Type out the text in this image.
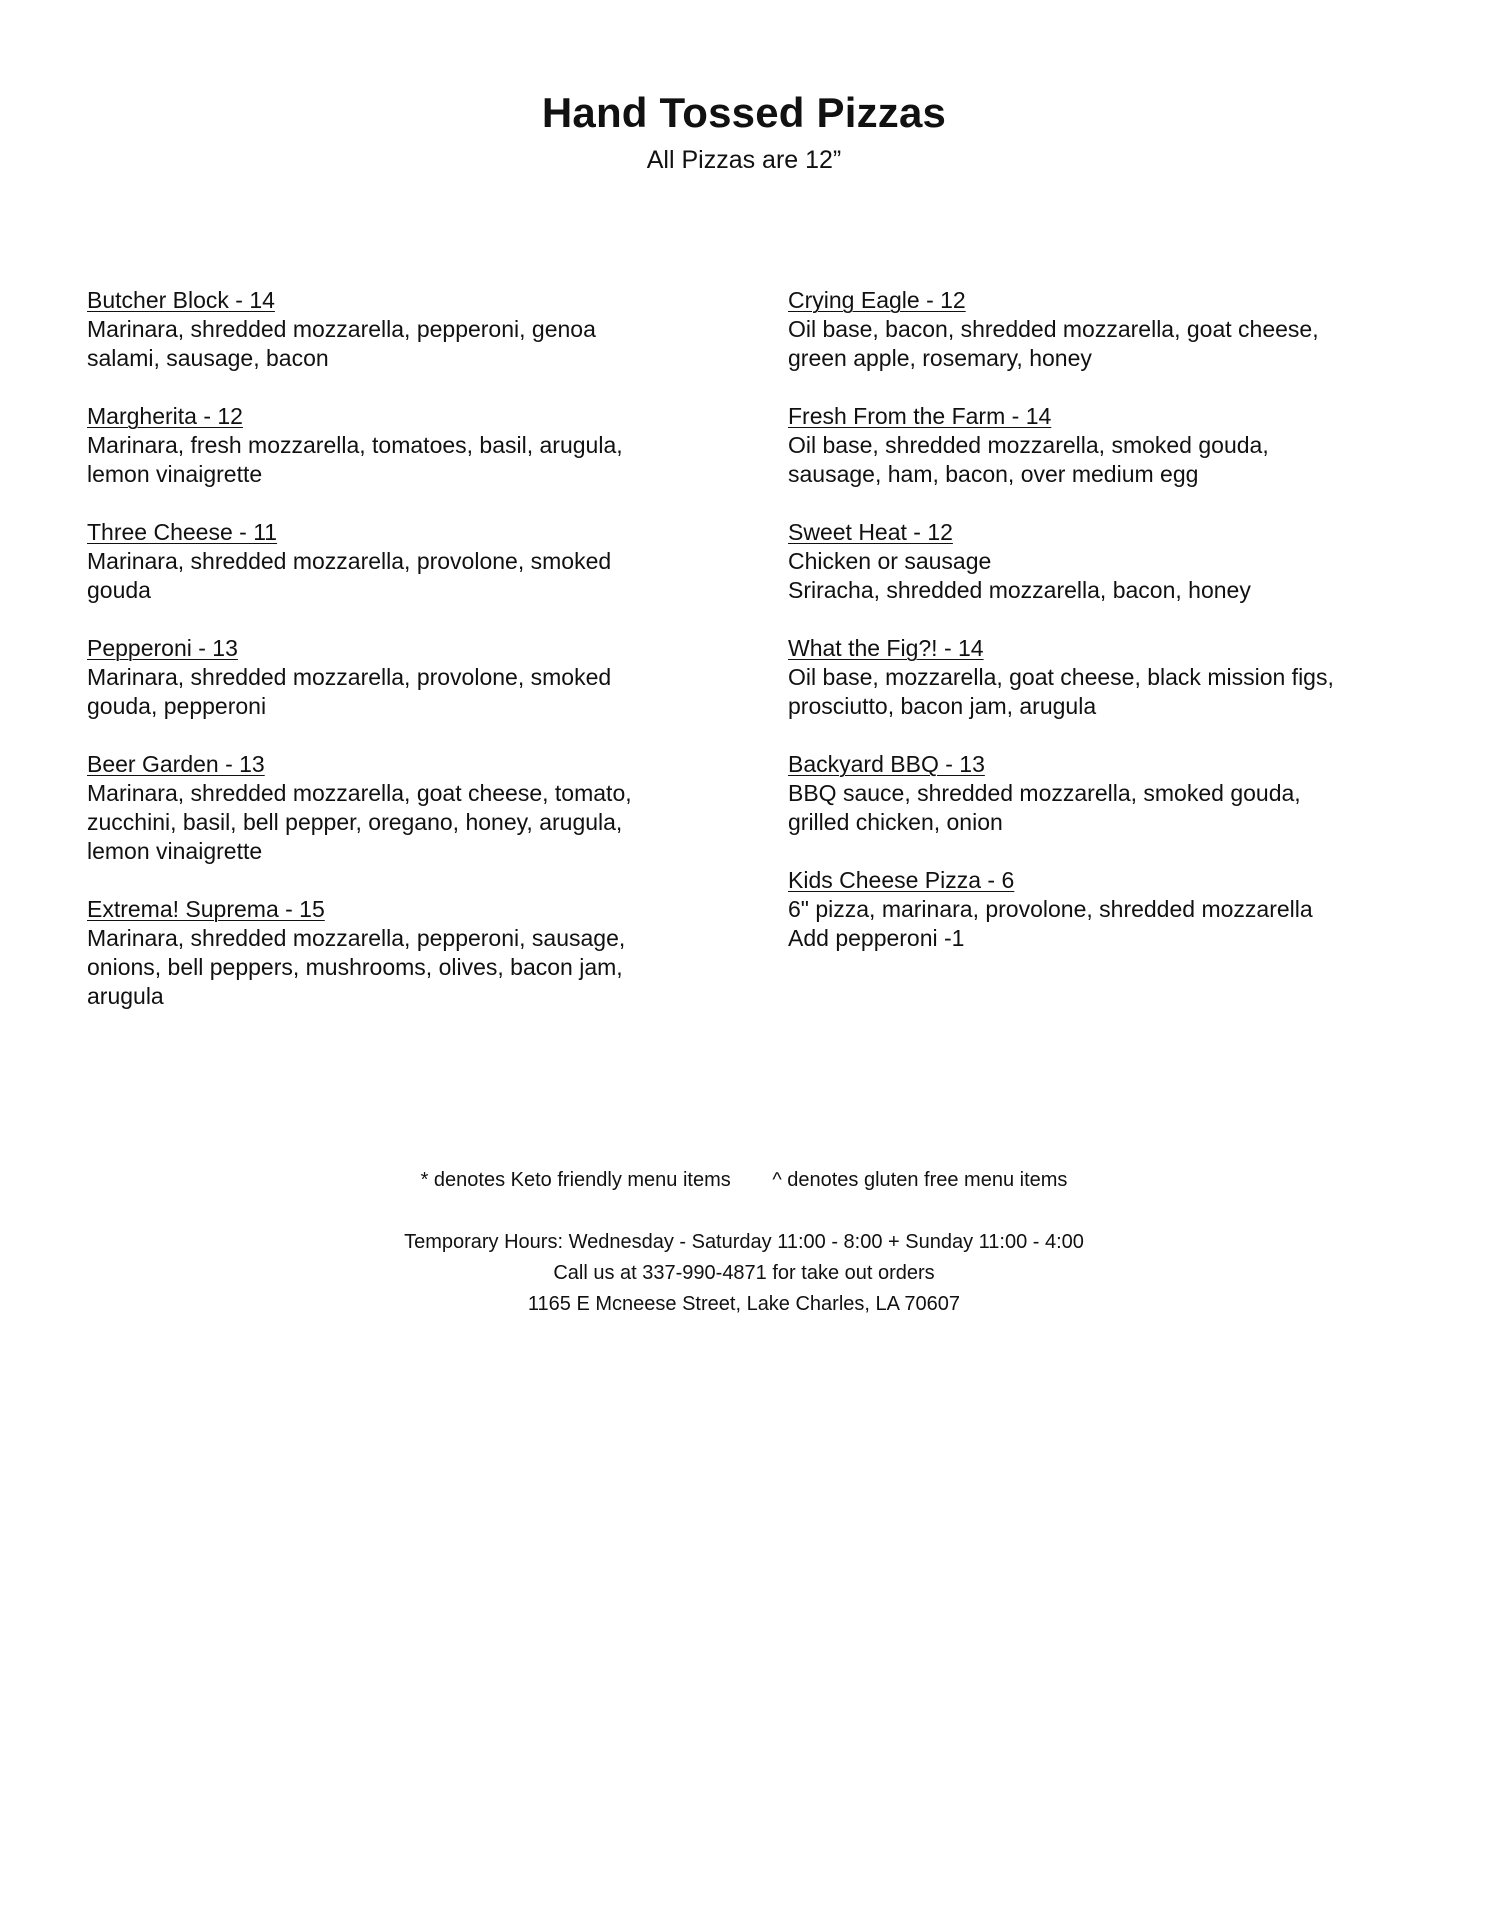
Hand Tossed Pizzas

All Pizzas are 12”

Butcher Block - 14

Marinara, shredded mozzarella, pepperoni, genoa

salami, sausage, bacon

Margherita - 12

Marinara, fresh mozzarella, tomatoes, basil, arugula,

lemon vinaigrette

Three Cheese - 11

Marinara, shredded mozzarella, provolone, smoked

gouda

Pepperoni - 13

Marinara, shredded mozzarella, provolone, smoked

gouda, pepperoni

Beer Garden - 13

Marinara, shredded mozzarella, goat cheese, tomato,

zucchini, basil, bell pepper, oregano, honey, arugula,

lemon vinaigrette

Extrema! Suprema - 15

Marinara, shredded mozzarella, pepperoni, sausage,

onions, bell peppers, mushrooms, olives, bacon jam,

arugula

Crying Eagle - 12

Oil base, bacon, shredded mozzarella, goat cheese,

green apple, rosemary, honey

Fresh From the Farm - 14

Oil base, shredded mozzarella, smoked gouda,

sausage, ham, bacon, over medium egg

Sweet Heat - 12

Chicken or sausage

Sriracha, shredded mozzarella, bacon, honey

What the Fig?! - 14

Oil base, mozzarella, goat cheese, black mission figs,

prosciutto, bacon jam, arugula

Backyard BBQ - 13

BBQ sauce, shredded mozzarella, smoked gouda,

grilled chicken, onion

Kids Cheese Pizza - 6

6" pizza, marinara, provolone, shredded mozzarella

Add pepperoni -1

* denotes Keto friendly menu items ^ denotes gluten free menu items

Temporary Hours: Wednesday - Saturday 11:00 - 8:00 + Sunday 11:00 - 4:00

Call us at 337-990-4871 for take out orders

1165 E Mcneese Street, Lake Charles, LA 70607
